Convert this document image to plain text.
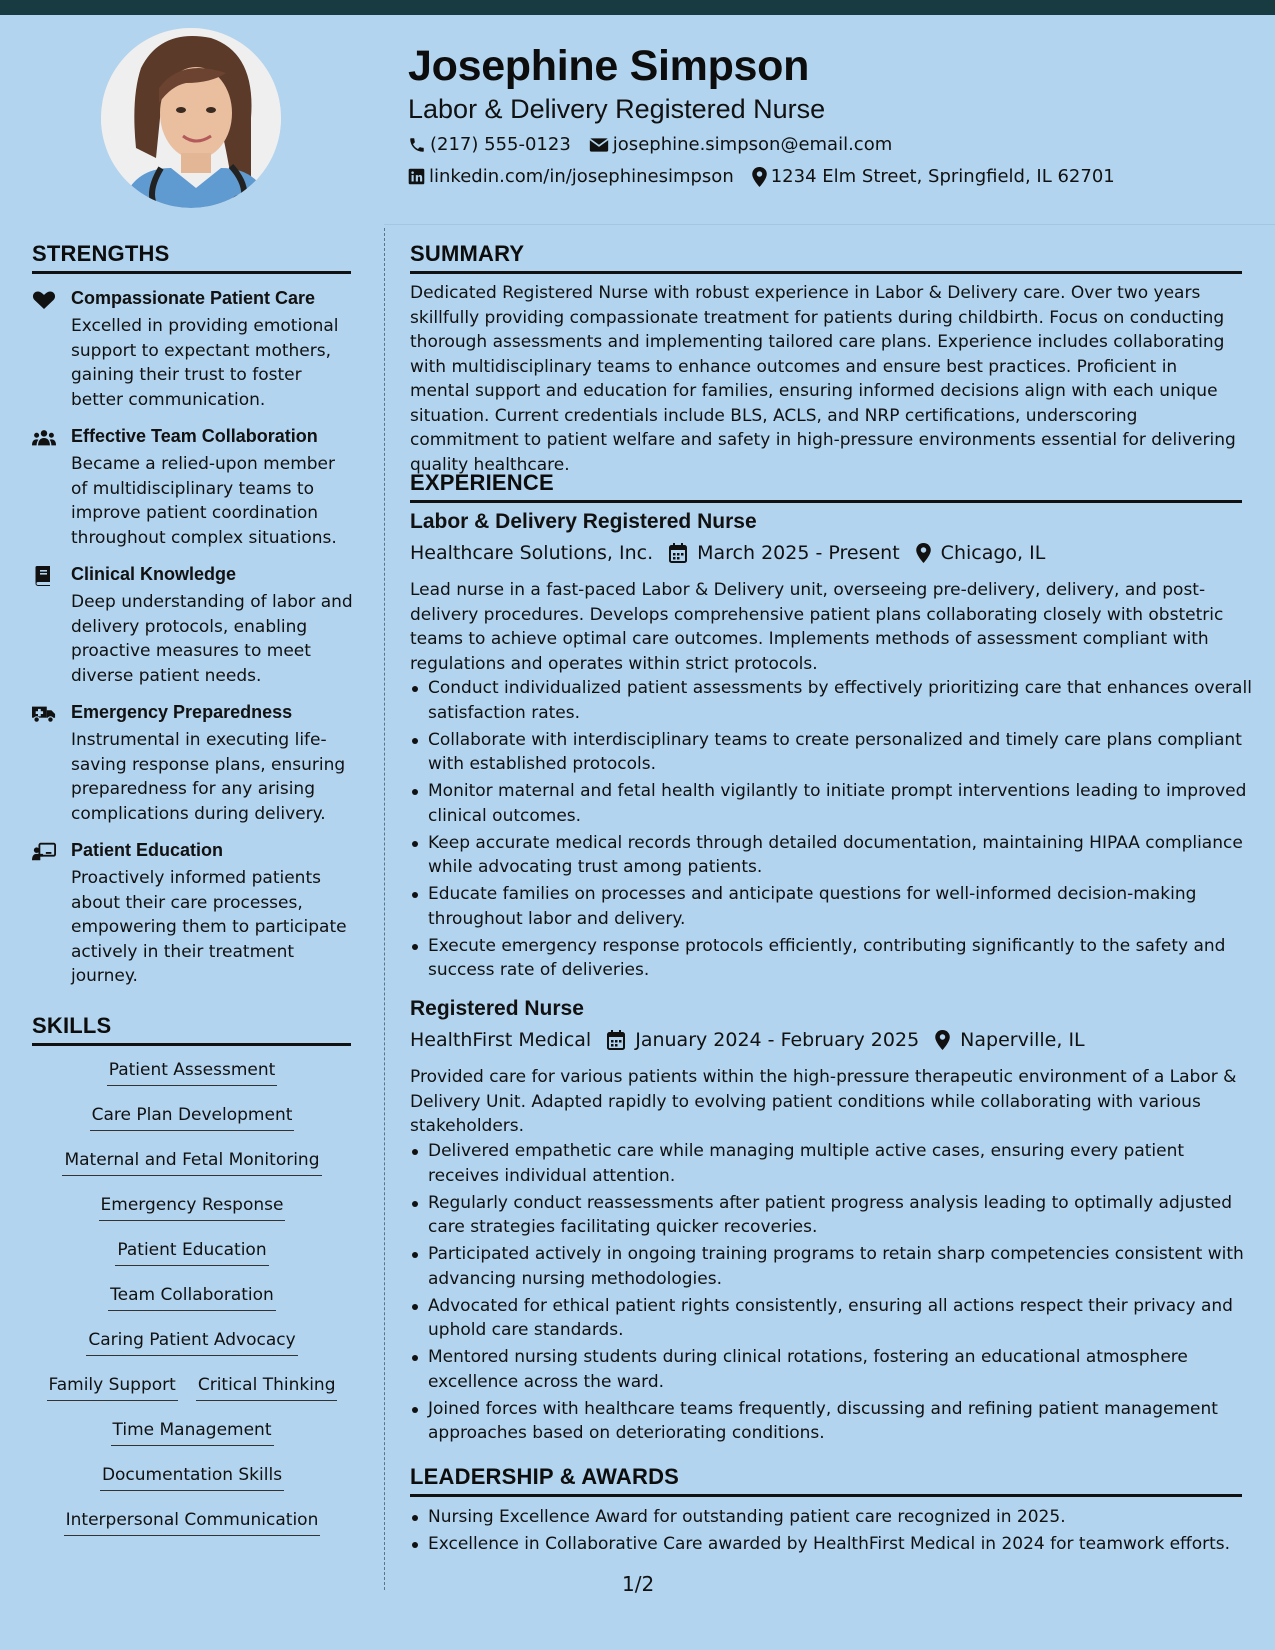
Josephine Simpson
Labor & Delivery Registered Nurse
(217) 555-0123 josephine.simpson@email.com
linkedin.com/in/josephinesimpson 1234 Elm Street, Springfield, IL 62701
STRENGTHS
Compassionate Patient Care
Excelled in providing emotional support to expectant mothers, gaining their trust to foster better communication.
Effective Team Collaboration
Became a relied-upon member of multidisciplinary teams to improve patient coordination throughout complex situations.
Clinical Knowledge
Deep understanding of labor and delivery protocols, enabling proactive measures to meet diverse patient needs.
Emergency Preparedness
Instrumental in executing life-saving response plans, ensuring preparedness for any arising complications during delivery.
Patient Education
Proactively informed patients about their care processes, empowering them to participate actively in their treatment journey.
SKILLS
Patient Assessment
Care Plan Development
Maternal and Fetal Monitoring
Emergency Response
Patient Education
Team Collaboration
Caring Patient Advocacy
Family Support Critical Thinking
Time Management
Documentation Skills
Interpersonal Communication
SUMMARY
Dedicated Registered Nurse with robust experience in Labor & Delivery care. Over two years skillfully providing compassionate treatment for patients during childbirth. Focus on conducting thorough assessments and implementing tailored care plans. Experience includes collaborating with multidisciplinary teams to enhance outcomes and ensure best practices. Proficient in mental support and education for families, ensuring informed decisions align with each unique situation. Current credentials include BLS, ACLS, and NRP certifications, underscoring commitment to patient welfare and safety in high-pressure environments essential for delivering quality healthcare.
EXPERIENCE
Labor & Delivery Registered Nurse
Healthcare Solutions, Inc. March 2025 - Present Chicago, IL
Lead nurse in a fast-paced Labor & Delivery unit, overseeing pre-delivery, delivery, and post-delivery procedures. Develops comprehensive patient plans collaborating closely with obstetric teams to achieve optimal care outcomes. Implements methods of assessment compliant with regulations and operates within strict protocols.
Conduct individualized patient assessments by effectively prioritizing care that enhances overall satisfaction rates.
Collaborate with interdisciplinary teams to create personalized and timely care plans compliant with established protocols.
Monitor maternal and fetal health vigilantly to initiate prompt interventions leading to improved clinical outcomes.
Keep accurate medical records through detailed documentation, maintaining HIPAA compliance while advocating trust among patients.
Educate families on processes and anticipate questions for well-informed decision-making throughout labor and delivery.
Execute emergency response protocols efficiently, contributing significantly to the safety and success rate of deliveries.
Registered Nurse
HealthFirst Medical January 2024 - February 2025 Naperville, IL
Provided care for various patients within the high-pressure therapeutic environment of a Labor & Delivery Unit. Adapted rapidly to evolving patient conditions while collaborating with various stakeholders.
Delivered empathetic care while managing multiple active cases, ensuring every patient receives individual attention.
Regularly conduct reassessments after patient progress analysis leading to optimally adjusted care strategies facilitating quicker recoveries.
Participated actively in ongoing training programs to retain sharp competencies consistent with advancing nursing methodologies.
Advocated for ethical patient rights consistently, ensuring all actions respect their privacy and uphold care standards.
Mentored nursing students during clinical rotations, fostering an educational atmosphere excellence across the ward.
Joined forces with healthcare teams frequently, discussing and refining patient management approaches based on deteriorating conditions.
LEADERSHIP & AWARDS
Nursing Excellence Award for outstanding patient care recognized in 2025.
Excellence in Collaborative Care awarded by HealthFirst Medical in 2024 for teamwork efforts.
1/2
